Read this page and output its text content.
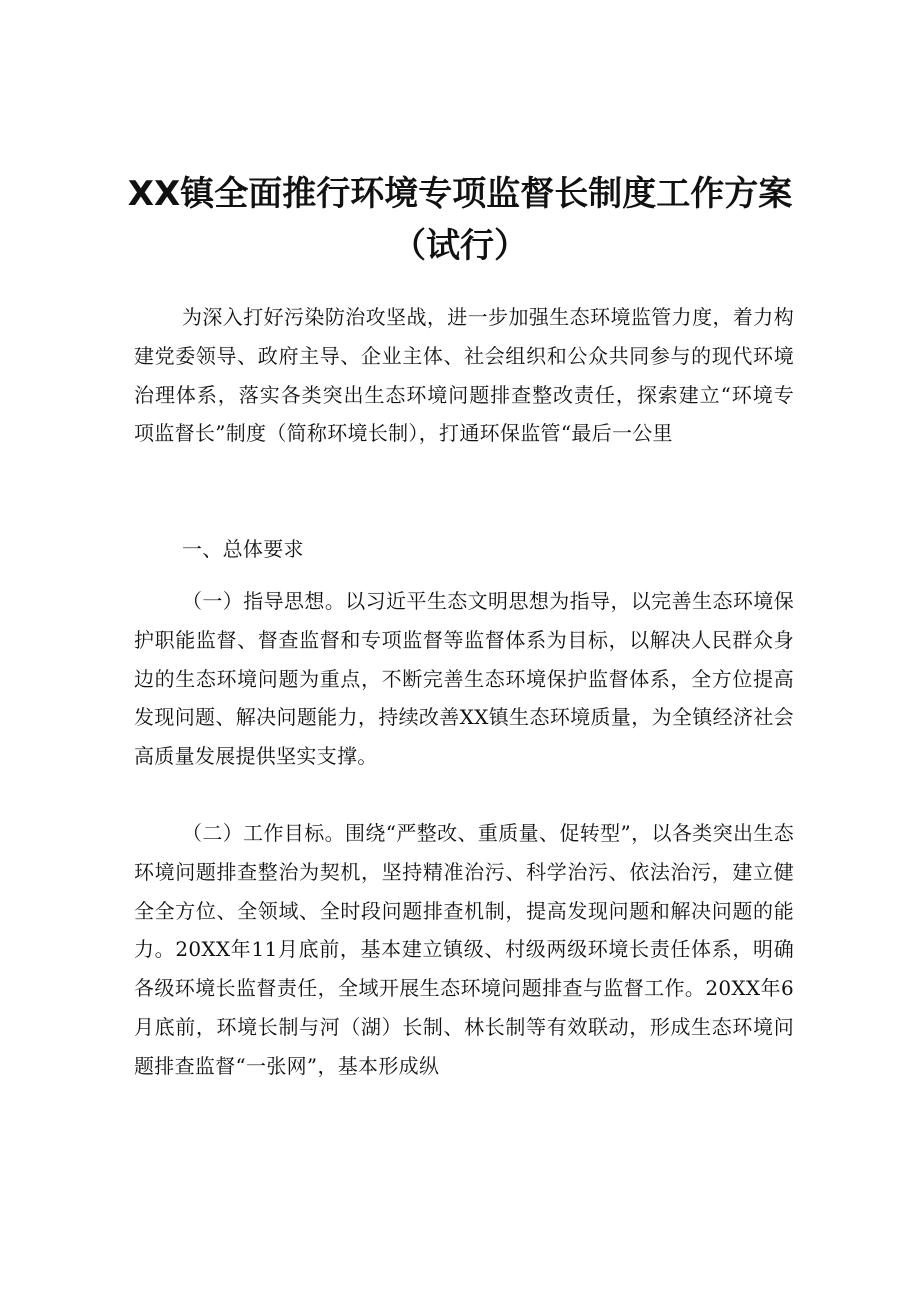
XX镇全面推行环境专项监督长制度工作方案
（试行）

为深入打好污染防治攻坚战，进一步加强生态环境监管力度，着力构建党委领导、政府主导、企业主体、社会组织和公众共同参与的现代环境治理体系，落实各类突出生态环境问题排查整改责任，探索建立“环境专项监督长”制度（简称环境长制），打通环保监管“最后一公里

一、总体要求

（一）指导思想。以习近平生态文明思想为指导，以完善生态环境保护职能监督、督查监督和专项监督等监督体系为目标，以解决人民群众身边的生态环境问题为重点，不断完善生态环境保护监督体系，全方位提高发现问题、解决问题能力，持续改善XX镇生态环境质量，为全镇经济社会高质量发展提供坚实支撑。

（二）工作目标。围绕“严整改、重质量、促转型”，以各类突出生态环境问题排查整治为契机，坚持精准治污、科学治污、依法治污，建立健全全方位、全领域、全时段问题排查机制，提高发现问题和解决问题的能力。20XX年11月底前，基本建立镇级、村级两级环境长责任体系，明确各级环境长监督责任，全域开展生态环境问题排查与监督工作。20XX年6月底前，环境长制与河（湖）长制、林长制等有效联动，形成生态环境问题排查监督“一张网”，基本形成纵
